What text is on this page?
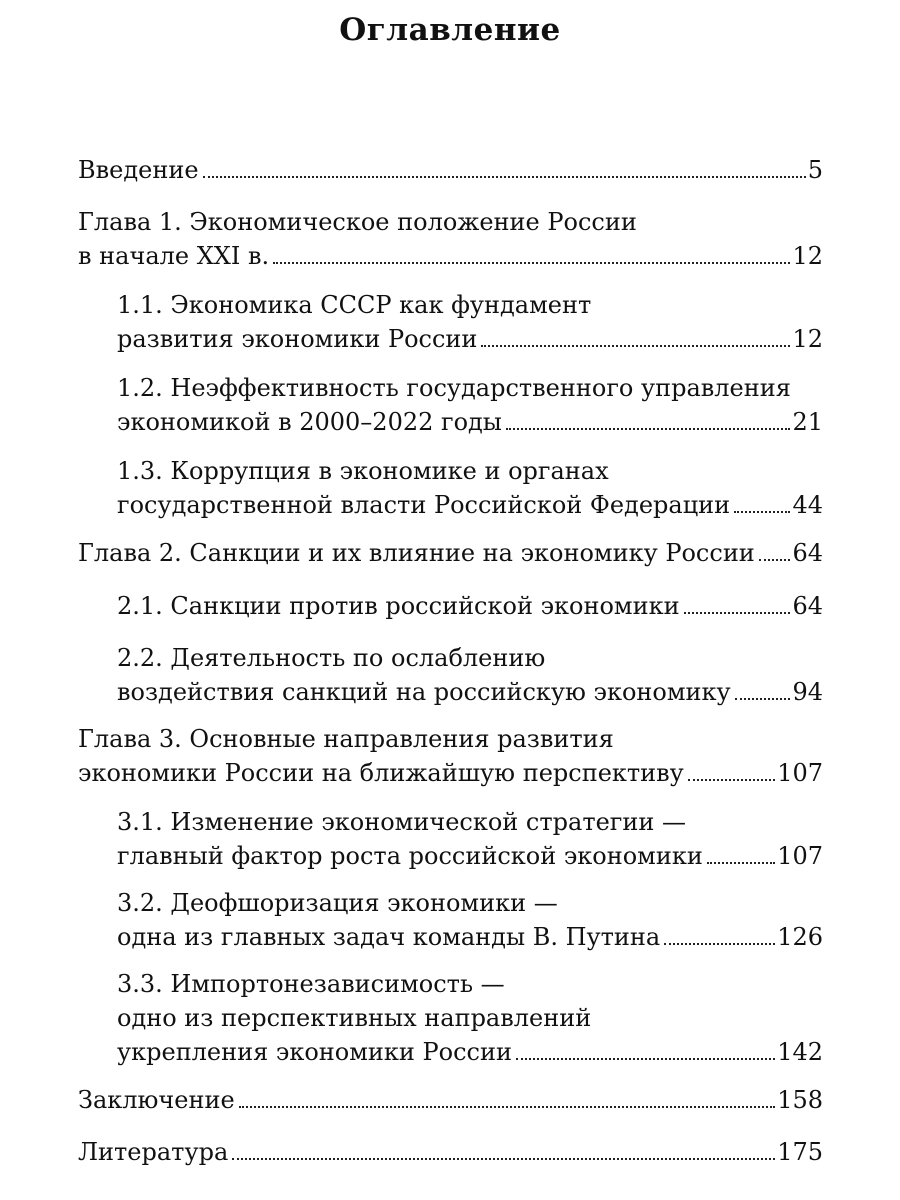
Оглавление
Введение	5
Глава 1. Экономическое положение России
в начале XXI в.	12
1.1. Экономика СССР как фундамент
развития экономики России	12
1.2. Неэффективность государственного управления
экономикой в 2000–2022 годы	21
1.3. Коррупция в экономике и органах
государственной власти Российской Федерации	44
Глава 2. Санкции и их влияние на экономику России 64
2.1. Санкции против российской экономики	64
2.2. Деятельность по ослаблению
воздействия санкций на российскую экономику	94
Глава 3. Основные направления развития
экономики России на ближайшую перспективу	107
3.1. Изменение экономической стратегии —
главный фактор роста российской экономики	107
3.2. Деофшоризация экономики —
одна из главных задач команды В. Путина	126
3.3. Импортонезависимость —
одно из перспективных направлений
укрепления экономики России	142
Заключение	158
Литература	175
